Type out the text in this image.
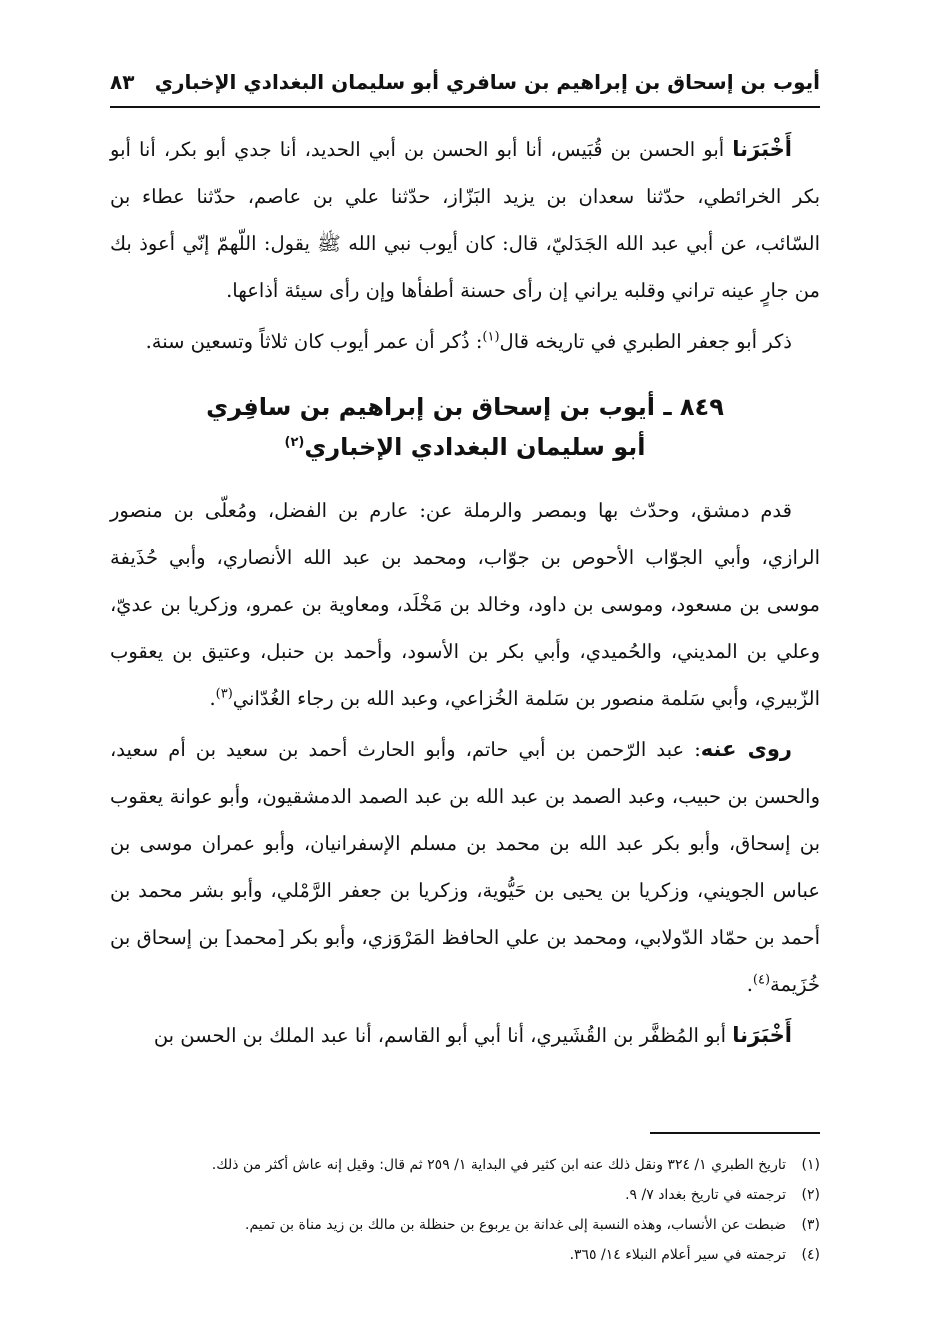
أيوب بن إسحاق بن إبراهيم بن سافري أبو سليمان البغدادي الإخباري
٨٣

أَخْبَرَنا أبو الحسن بن قُبَيس، أنا أبو الحسن بن أبي الحديد، أنا جدي أبو بكر، أنا أبو بكر الخرائطي، حدّثنا سعدان بن يزيد البَزّاز، حدّثنا علي بن عاصم، حدّثنا عطاء بن السّائب، عن أبي عبد الله الجَدَليّ، قال: كان أيوب نبي الله ﷺ يقول: اللّهمّ إنّي أعوذ بك من جارٍ عينه تراني وقلبه يراني إن رأى حسنة أطفأها وإن رأى سيئة أذاعها.

ذكر أبو جعفر الطبري في تاريخه قال$^{(١)}$: ذُكر أن عمر أيوب كان ثلاثاً وتسعين سنة.

٨٤٩ ـ أيوب بن إسحاق بن إبراهيم بن سافِري
أبو سليمان البغدادي الإخباري$^{(٢)}$

قدم دمشق، وحدّث بها وبمصر والرملة عن: عارم بن الفضل، ومُعلّى بن منصور الرازي، وأبي الجوّاب الأحوص بن جوّاب، ومحمد بن عبد الله الأنصاري، وأبي حُذَيفة موسى بن مسعود، وموسى بن داود، وخالد بن مَخْلَد، ومعاوية بن عمرو، وزكريا بن عديّ، وعلي بن المديني، والحُميدي، وأبي بكر بن الأسود، وأحمد بن حنبل، وعتيق بن يعقوب الزّبيري، وأبي سَلمة منصور بن سَلمة الخُزاعي، وعبد الله بن رجاء الغُدّاني$^{(٣)}$.

روى عنه: عبد الرّحمن بن أبي حاتم، وأبو الحارث أحمد بن سعيد بن أم سعيد، والحسن بن حبيب، وعبد الصمد بن عبد الله بن عبد الصمد الدمشقيون، وأبو عوانة يعقوب بن إسحاق، وأبو بكر عبد الله بن محمد بن مسلم الإسفرانيان، وأبو عمران موسى بن عباس الجويني، وزكريا بن يحيى بن حَيُّوية، وزكريا بن جعفر الرَّمْلي، وأبو بشر محمد بن أحمد بن حمّاد الدّولابي، ومحمد بن علي الحافظ المَرْوَزي، وأبو بكر [محمد] بن إسحاق بن خُزَيمة$^{(٤)}$.

أَخْبَرَنا أبو المُظفَّر بن القُشَيري، أنا أبي أبو القاسم، أنا عبد الملك بن الحسن بن

(١)
تاريخ الطبري ١/ ٣٢٤ ونقل ذلك عنه ابن كثير في البداية ١/ ٢٥٩ ثم قال: وقيل إنه عاش أكثر من ذلك.
(٢)
ترجمته في تاريخ بغداد ٧/ ٩.
(٣)
ضبطت عن الأنساب، وهذه النسبة إلى غدانة بن يربوع بن حنظلة بن مالك بن زيد مناة بن تميم.
(٤)
ترجمته في سير أعلام النبلاء ١٤/ ٣٦٥.
